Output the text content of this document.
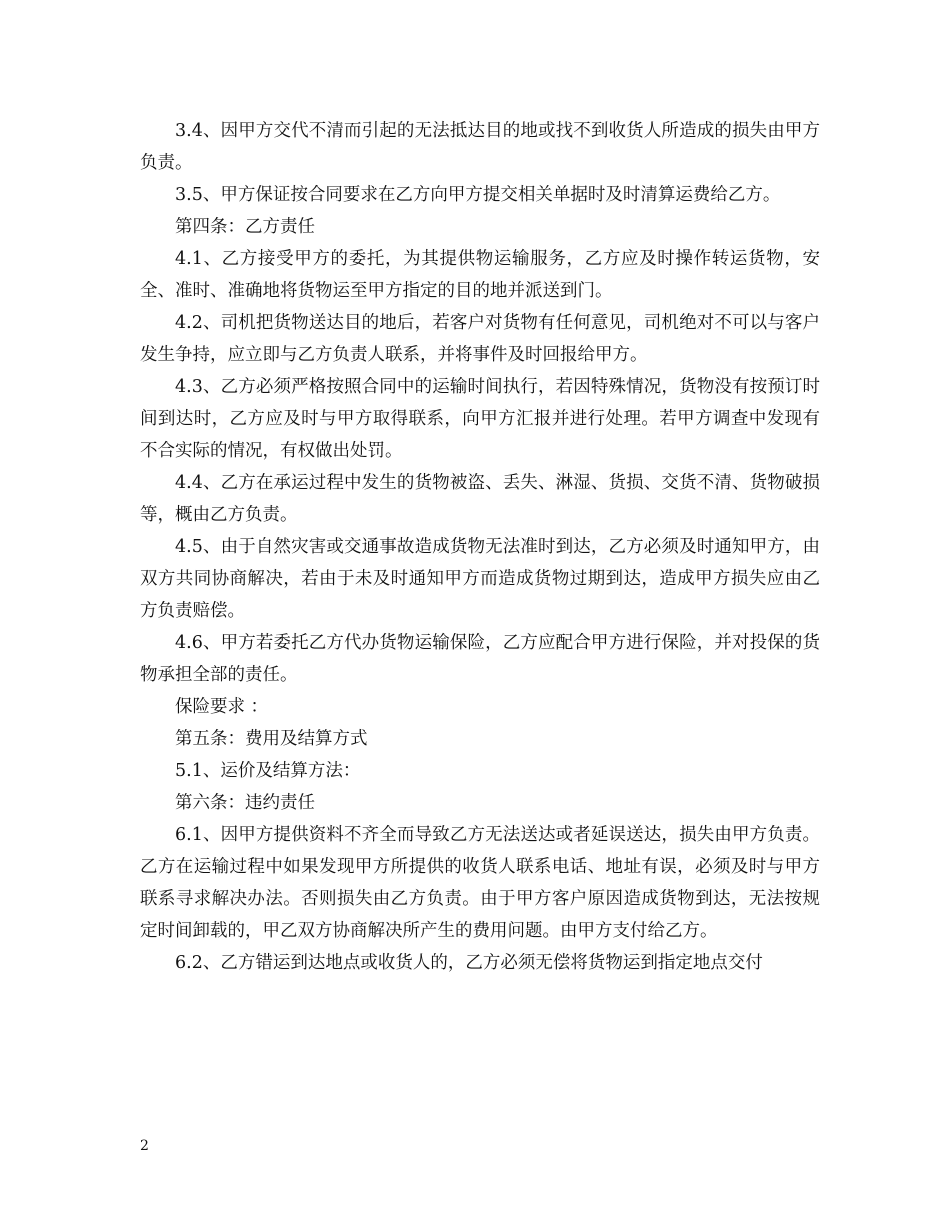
3.4、因甲方交代不清而引起的无法抵达目的地或找不到收货人所造成的损失由甲方负责。

3.5、甲方保证按合同要求在乙方向甲方提交相关单据时及时清算运费给乙方。

第四条：乙方责任

4.1、乙方接受甲方的委托，为其提供物运输服务，乙方应及时操作转运货物，安全、准时、准确地将货物运至甲方指定的目的地并派送到门。

4.2、司机把货物送达目的地后，若客户对货物有任何意见，司机绝对不可以与客户发生争持，应立即与乙方负责人联系，并将事件及时回报给甲方。

4.3、乙方必须严格按照合同中的运输时间执行，若因特殊情况，货物没有按预订时间到达时，乙方应及时与甲方取得联系，向甲方汇报并进行处理。若甲方调查中发现有不合实际的情况，有权做出处罚。

4.4、乙方在承运过程中发生的货物被盗、丢失、淋湿、货损、交货不清、货物破损等，概由乙方负责。

4.5、由于自然灾害或交通事故造成货物无法准时到达，乙方必须及时通知甲方，由双方共同协商解决，若由于未及时通知甲方而造成货物过期到达，造成甲方损失应由乙方负责赔偿。

4.6、甲方若委托乙方代办货物运输保险，乙方应配合甲方进行保险，并对投保的货物承担全部的责任。

保险要求 ：

第五条：费用及结算方式

5.1、运价及结算方法：

第六条：违约责任

6.1、因甲方提供资料不齐全而导致乙方无法送达或者延误送达，损失由甲方负责。乙方在运输过程中如果发现甲方所提供的收货人联系电话、地址有误，必须及时与甲方联系寻求解决办法。否则损失由乙方负责。由于甲方客户原因造成货物到达，无法按规定时间卸载的，甲乙双方协商解决所产生的费用问题。由甲方支付给乙方。

6.2、乙方错运到达地点或收货人的，乙方必须无偿将货物运到指定地点交付

2
